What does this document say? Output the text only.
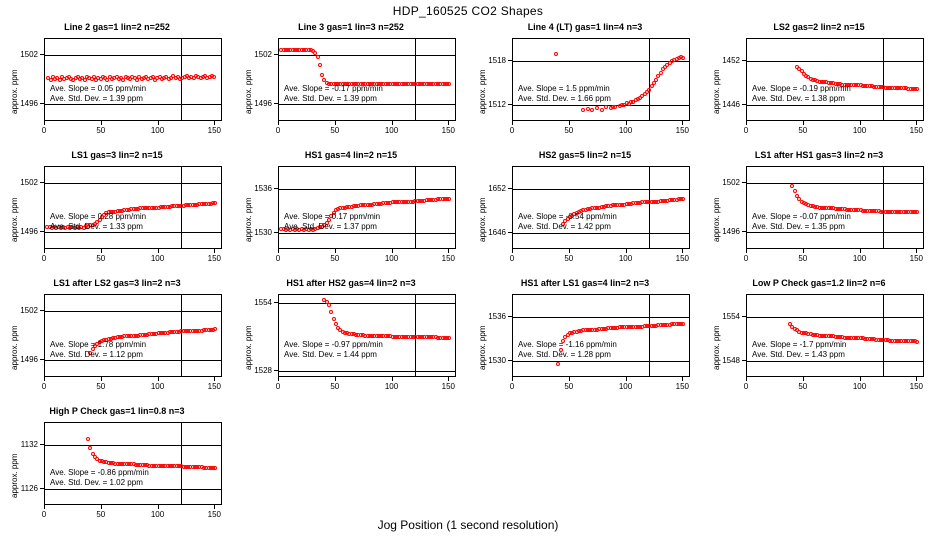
HDP_160525 CO2 Shapes
Line 2 gas=1 lin=2 n=252
approx. ppm 1496
1502
0	50	100	150
Ave. Slope = 0.05 ppm/min
Ave. Std. Dev. = 1.39 ppm
Line 3 gas=1 lin=3 n=252
approx. ppm 1496
1502
0	50	100	150
Ave. Slope = -0.17 ppm/min
Ave. Std. Dev. = 1.39 ppm
Line 4 (LT) gas=1 lin=4 n=3
approx. ppm 1512
1518
0	50	100	150
Ave. Slope = 1.5 ppm/min
Ave. Std. Dev. = 1.66 ppm
LS2 gas=2 lin=2 n=15
approx. ppm 1446
1452
0	50	100	150
Ave. Slope = -0.19 ppm/min
Ave. Std. Dev. = 1.38 ppm
LS1 gas=3 lin=2 n=15
approx. ppm 1496
1502
0	50	100	150
Ave. Slope = 0.28 ppm/min
Ave. Std. Dev. = 1.33 ppm
HS1 gas=4 lin=2 n=15
approx. ppm 1530
1536
0	50	100	150
Ave. Slope = 0.17 ppm/min
Ave. Std. Dev. = 1.37 ppm
HS2 gas=5 lin=2 n=15
approx. ppm 1646
1652
0	50	100	150
Ave. Slope = -0.54 ppm/min
Ave. Std. Dev. = 1.42 ppm
LS1 after HS1 gas=3 lin=2 n=3
approx. ppm 1496
1502
0	50	100	150
Ave. Slope = -0.07 ppm/min
Ave. Std. Dev. = 1.35 ppm
LS1 after LS2 gas=3 lin=2 n=3
approx. ppm 1496
1502
0	50	100	150
Ave. Slope = 1.78 ppm/min
Ave. Std. Dev. = 1.12 ppm
HS1 after HS2 gas=4 lin=2 n=3
approx. ppm
1528
1554
0	50	100	150
Ave. Slope = -0.97 ppm/min
Ave. Std. Dev. = 1.44 ppm
HS1 after LS1 gas=4 lin=2 n=3
approx. ppm 1530
1536
0	50	100	150
Ave. Slope = -1.16 ppm/min
Ave. Std. Dev. = 1.28 ppm
Low P Check gas=1.2 lin=2 n=6
approx. ppm 1548
1554
0	50	100	150
Ave. Slope = -1.7 ppm/min
Ave. Std. Dev. = 1.43 ppm
High P Check gas=1 lin=0.8 n=3
approx. ppm 1126
1132
0	50	100	150
Ave. Slope = -0.86 ppm/min
Ave. Std. Dev. = 1.02 ppm
Jog Position (1 second resolution)
